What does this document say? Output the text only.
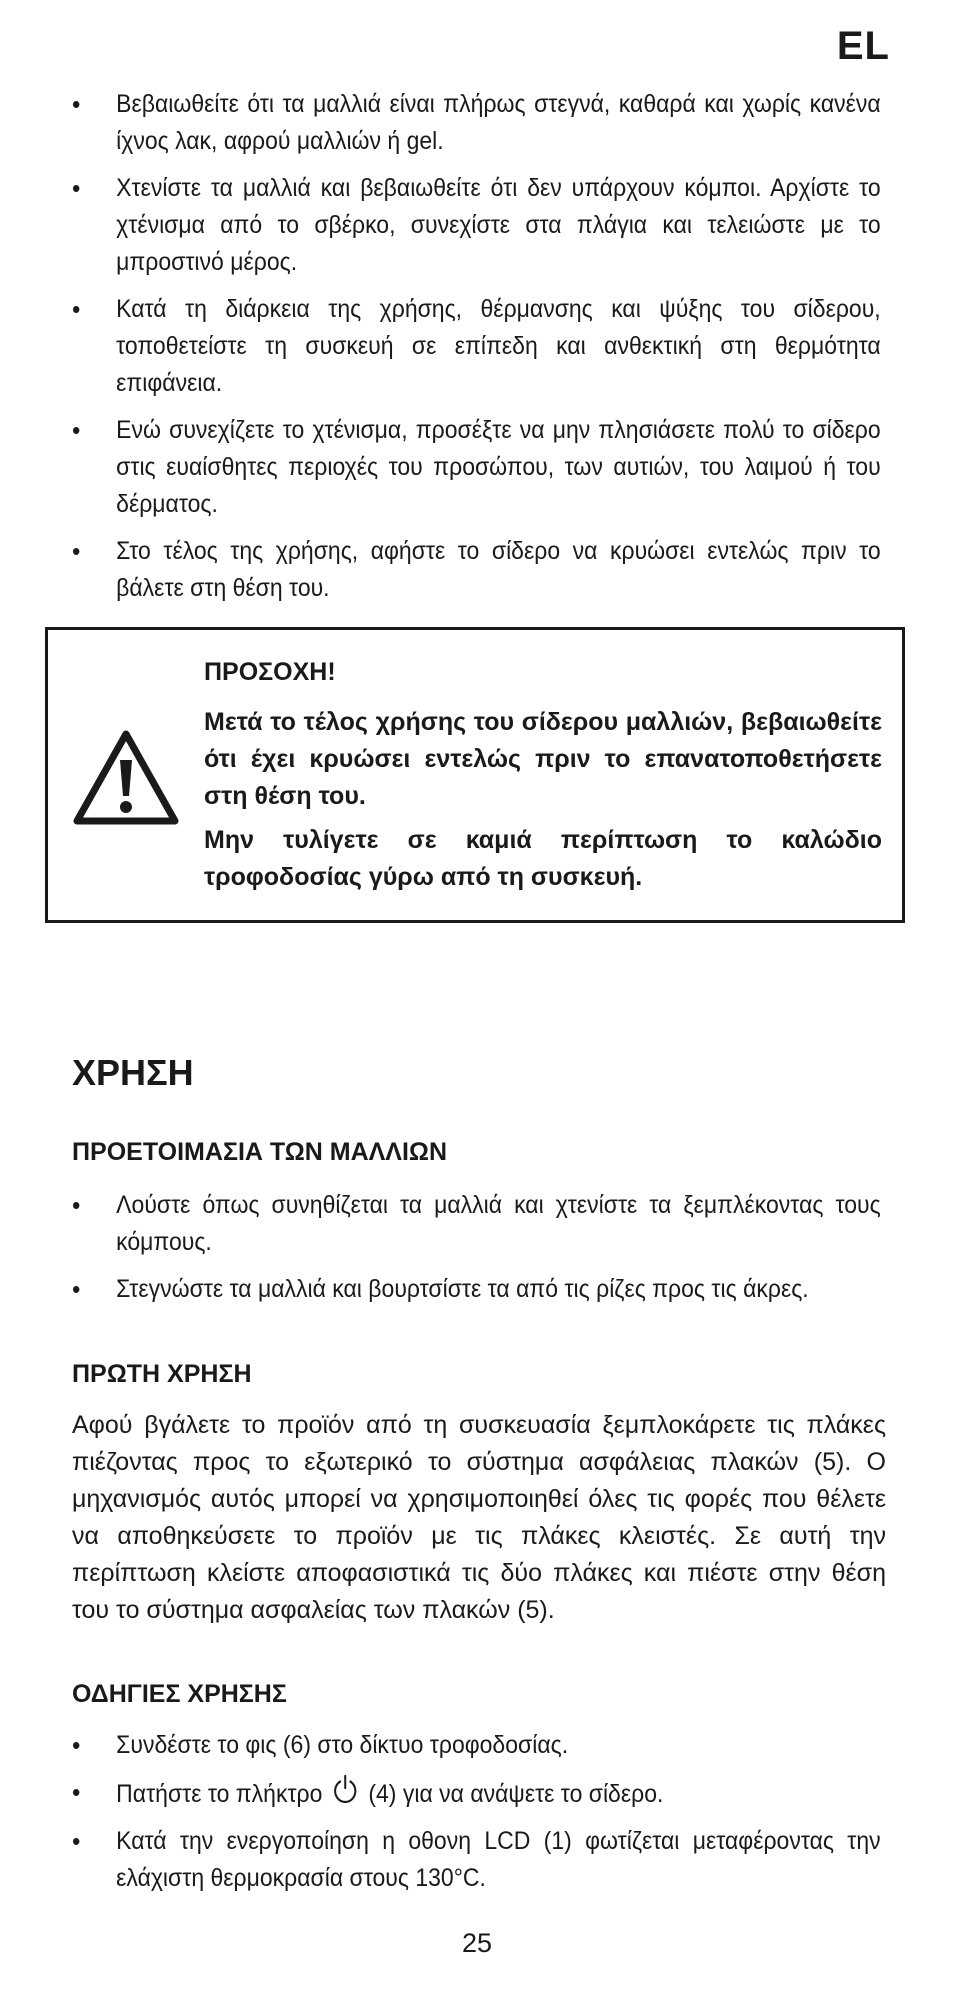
EL
• Βεβαιωθείτε ότι τα μαλλιά είναι πλήρως στεγνά, καθαρά και χωρίς κανένα ίχνος λακ, αφρού μαλλιών ή gel.
• Χτενίστε τα μαλλιά και βεβαιωθείτε ότι δεν υπάρχουν κόμποι. Αρχίστε το χτένισμα από το σβέρκο, συνεχίστε στα πλάγια και τελειώστε με το μπροστινό μέρος.
• Κατά τη διάρκεια της χρήσης, θέρμανσης και ψύξης του σίδερου, τοποθετείστε τη συσκευή σε επίπεδη και ανθεκτική στη θερμότητα επιφάνεια.
• Ενώ συνεχίζετε το χτένισμα, προσέξτε να μην πλησιάσετε πολύ το σίδερο στις ευαίσθητες περιοχές του προσώπου, των αυτιών, του λαιμού ή του δέρματος.
• Στο τέλος της χρήσης, αφήστε το σίδερο να κρυώσει εντελώς πριν το βάλετε στη θέση του.
ΠΡΟΣΟΧΗ!
Μετά το τέλος χρήσης του σίδερου μαλλιών, βεβαιωθείτε ότι έχει κρυώσει εντελώς πριν το επανατοποθετήσετε στη θέση του.
Μην τυλίγετε σε καμιά περίπτωση το καλώδιο τροφοδοσίας γύρω από τη συσκευή.
ΧΡΗΣΗ
ΠΡΟΕΤΟΙΜΑΣΙΑ ΤΩΝ ΜΑΛΛΙΩΝ
• Λούστε όπως συνηθίζεται τα μαλλιά και χτενίστε τα ξεμπλέκοντας τους κόμπους.
• Στεγνώστε τα μαλλιά και βουρτσίστε τα από τις ρίζες προς τις άκρες.
ΠΡΩΤΗ ΧΡΗΣΗ
Αφού βγάλετε το προϊόν από τη συσκευασία ξεμπλοκάρετε τις πλάκες πιέζοντας προς το εξωτερικό το σύστημα ασφάλειας πλακών (5). Ο μηχανισμός αυτός μπορεί να χρησιμοποιηθεί όλες τις φορές που θέλετε να αποθηκεύσετε το προϊόν με τις πλάκες κλειστές. Σε αυτή την περίπτωση κλείστε αποφασιστικά τις δύο πλάκες και πιέστε στην θέση του το σύστημα ασφαλείας των πλακών (5).
ΟΔΗΓΙΕΣ ΧΡΗΣΗΣ
• Συνδέστε το φις (6) στο δίκτυο τροφοδοσίας.
• Πατήστε το πλήκτρο (4) για να ανάψετε το σίδερο.
• Κατά την ενεργοποίηση η οθονη LCD (1) φωτίζεται μεταφέροντας την ελάχιστη θερμοκρασία στους 130°C.
25
